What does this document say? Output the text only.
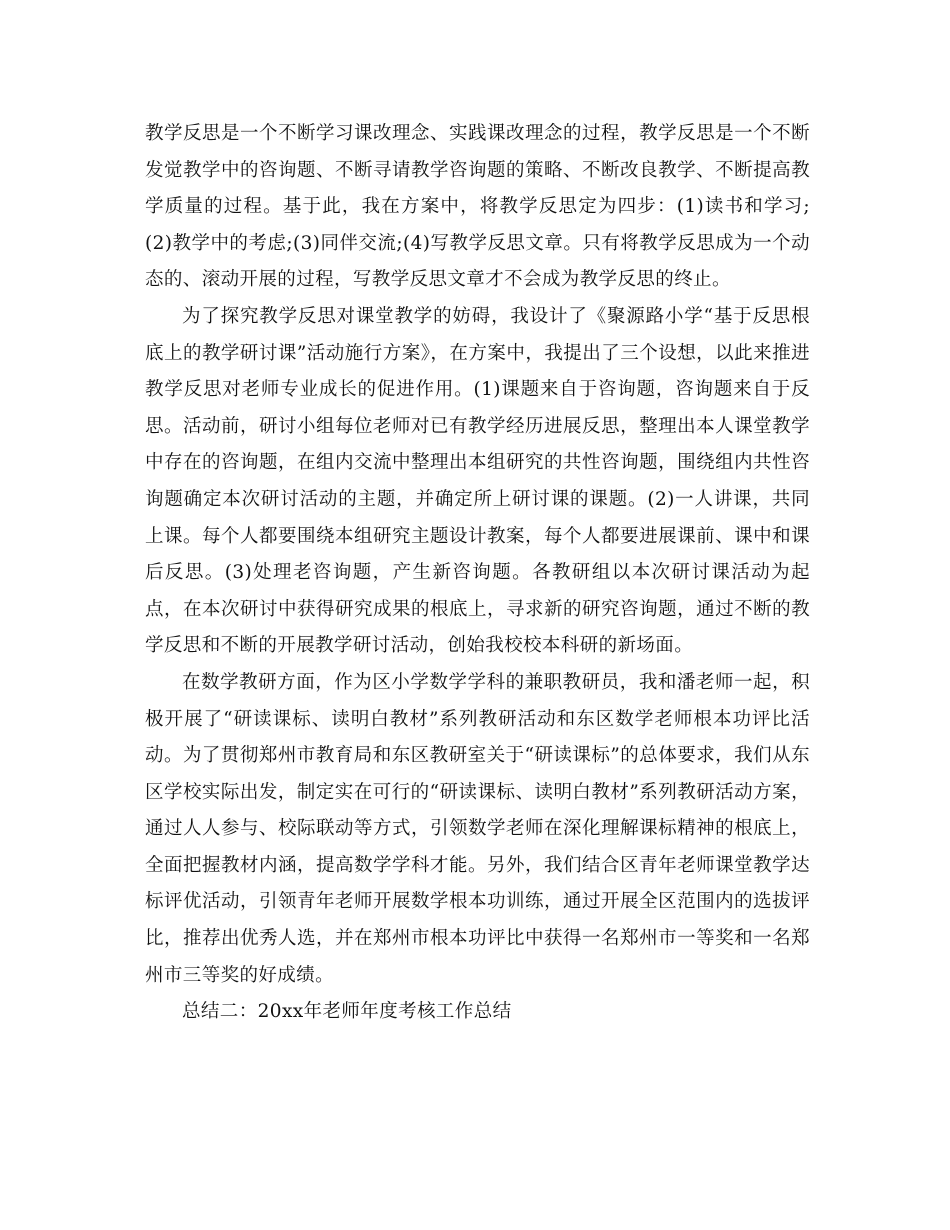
教学反思是一个不断学习课改理念、实践课改理念的过程，教学反思是一个不断发觉教学中的咨询题、不断寻请教学咨询题的策略、不断改良教学、不断提高教学质量的过程。基于此，我在方案中，将教学反思定为四步：(1)读书和学习;(2)教学中的考虑;(3)同伴交流;(4)写教学反思文章。只有将教学反思成为一个动态的、滚动开展的过程，写教学反思文章才不会成为教学反思的终止。

为了探究教学反思对课堂教学的妨碍，我设计了《聚源路小学“基于反思根底上的教学研讨课”活动施行方案》，在方案中，我提出了三个设想，以此来推进教学反思对老师专业成长的促进作用。(1)课题来自于咨询题，咨询题来自于反思。活动前，研讨小组每位老师对已有教学经历进展反思，整理出本人课堂教学中存在的咨询题，在组内交流中整理出本组研究的共性咨询题，围绕组内共性咨询题确定本次研讨活动的主题，并确定所上研讨课的课题。(2)一人讲课，共同上课。每个人都要围绕本组研究主题设计教案，每个人都要进展课前、课中和课后反思。(3)处理老咨询题，产生新咨询题。各教研组以本次研讨课活动为起点，在本次研讨中获得研究成果的根底上，寻求新的研究咨询题，通过不断的教学反思和不断的开展教学研讨活动，创始我校校本科研的新场面。

在数学教研方面，作为区小学数学学科的兼职教研员，我和潘老师一起，积极开展了“研读课标、读明白教材”系列教研活动和东区数学老师根本功评比活动。为了贯彻郑州市教育局和东区教研室关于“研读课标”的总体要求，我们从东区学校实际出发，制定实在可行的“研读课标、读明白教材”系列教研活动方案，通过人人参与、校际联动等方式，引领数学老师在深化理解课标精神的根底上，全面把握教材内涵，提高数学学科才能。另外，我们结合区青年老师课堂教学达标评优活动，引领青年老师开展数学根本功训练，通过开展全区范围内的选拔评比，推荐出优秀人选，并在郑州市根本功评比中获得一名郑州市一等奖和一名郑州市三等奖的好成绩。

总结二：20xx年老师年度考核工作总结
